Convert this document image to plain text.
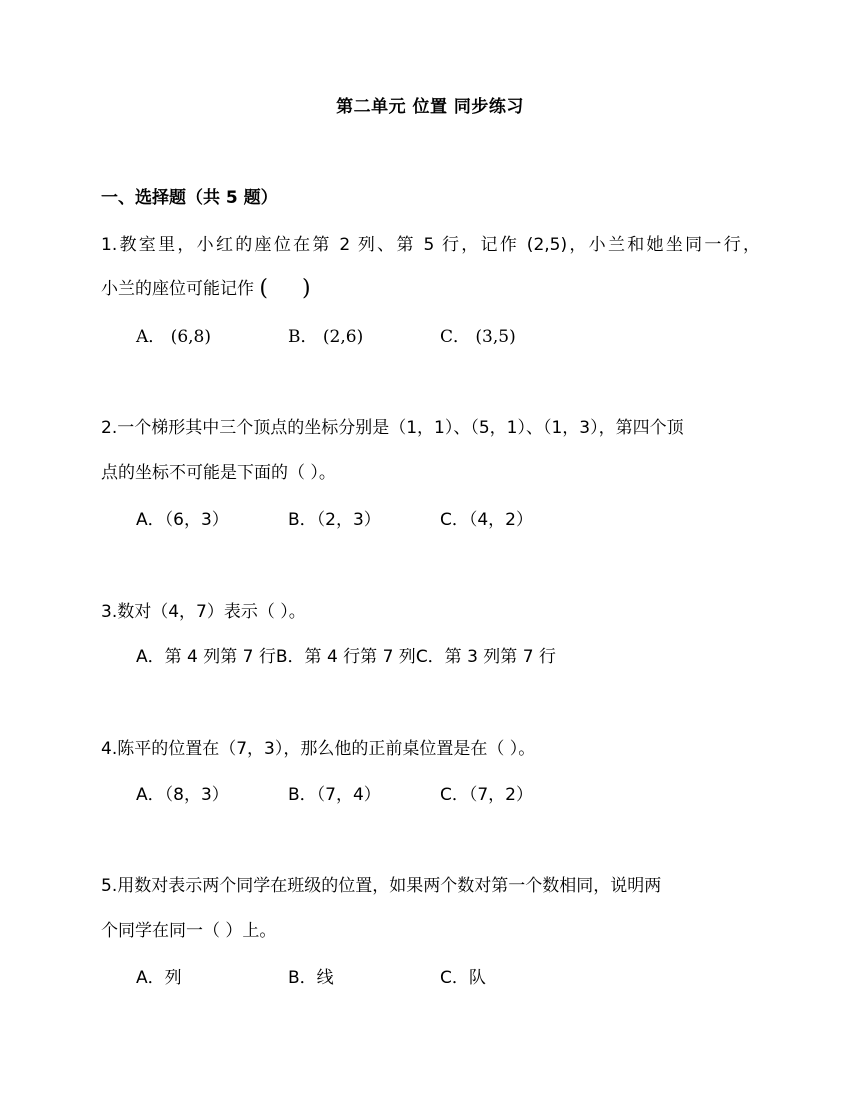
第二单元 位置 同步练习
一、选择题（共 5 题）
1.教室里，小红的座位在第 2 列、第 5 行，记作 (2,5)，小兰和她坐同一行，
小兰的座位可能记作 ( )
A． (6,8)	B． (2,6)	C． (3,5)
2.一个梯形其中三个顶点的坐标分别是（1，1）、（5，1）、（1，3），第四个顶
点的坐标不可能是下面的（ ）。
A．（6，3）	B．（2，3）	C．（4，2）
3.数对（4，7）表示（ ）。
A．第 4 列第 7 行B．第 4 行第 7 列C．第 3 列第 7 行
4.陈平的位置在（7，3），那么他的正前桌位置是在（ ）。
A．（8，3）	B．（7，4）	C．（7，2）
5.用数对表示两个同学在班级的位置，如果两个数对第一个数相同，说明两
个同学在同一（ ）上。
A．列	B．线	C．队
